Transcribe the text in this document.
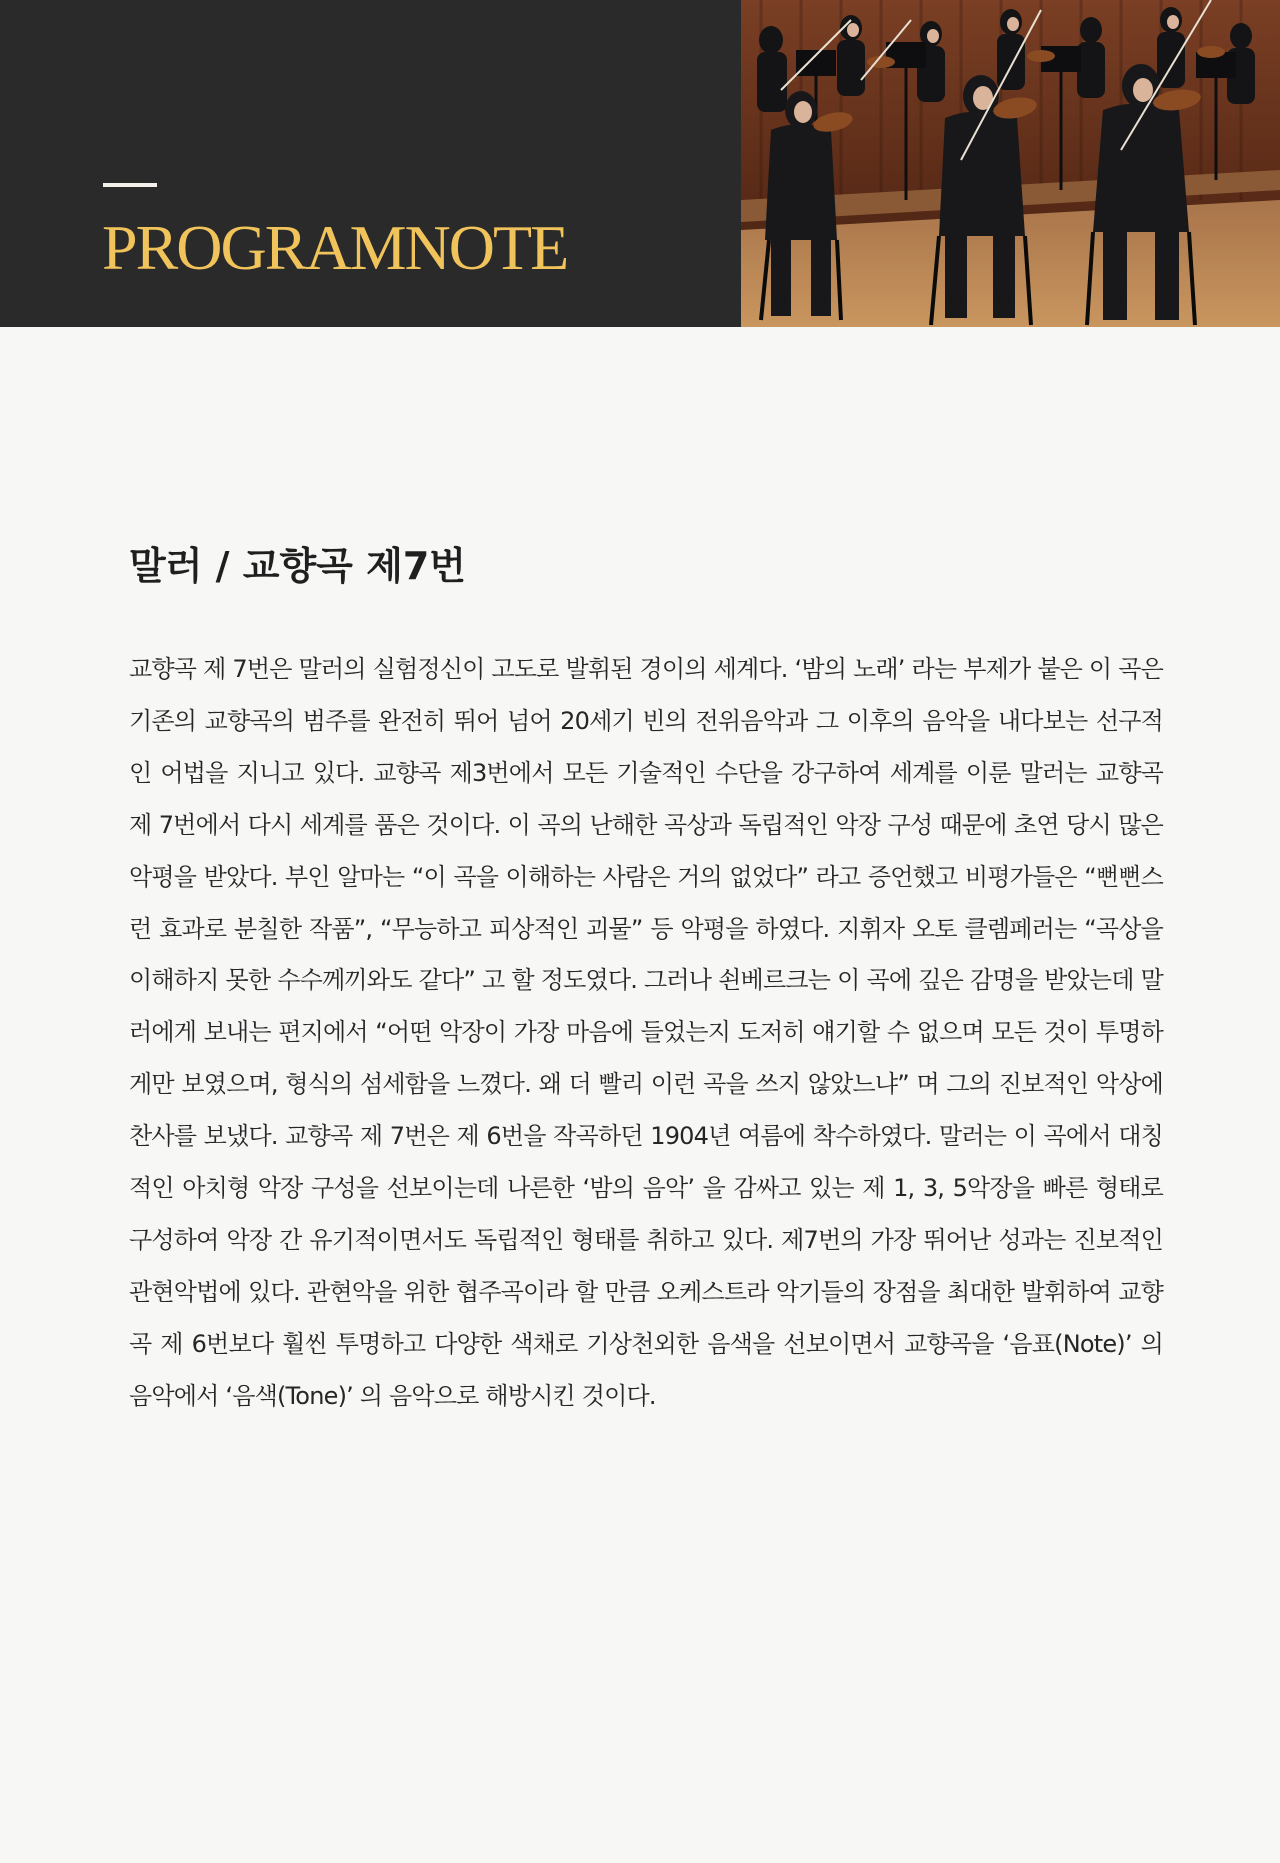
PROGRAMNOTE
말러 / 교향곡 제7번

교향곡 제 7번은 말러의 실험정신이 고도로 발휘된 경이의 세계다. ‘밤의 노래’ 라는 부제가 붙은 이 곡은 기존의 교향곡의 범주를 완전히 뛰어 넘어 20세기 빈의 전위음악과 그 이후의 음악을 내다보는 선구적인 어법을 지니고 있다. 교향곡 제3번에서 모든 기술적인 수단을 강구하여 세계를 이룬 말러는 교향곡 제 7번에서 다시 세계를 품은 것이다. 이 곡의 난해한 곡상과 독립적인 악장 구성 때문에 초연 당시 많은 악평을 받았다. 부인 알마는 “이 곡을 이해하는 사람은 거의 없었다” 라고 증언했고 비평가들은 “뻔뻔스런 효과로 분칠한 작품”, “무능하고 피상적인 괴물” 등 악평을 하였다. 지휘자 오토 클렘페러는 “곡상을 이해하지 못한 수수께끼와도 같다” 고 할 정도였다. 그러나 쇤베르크는 이 곡에 깊은 감명을 받았는데 말러에게 보내는 편지에서 “어떤 악장이 가장 마음에 들었는지 도저히 얘기할 수 없으며 모든 것이 투명하게만 보였으며, 형식의 섬세함을 느꼈다. 왜 더 빨리 이런 곡을 쓰지 않았느냐” 며 그의 진보적인 악상에 찬사를 보냈다. 교향곡 제 7번은 제 6번을 작곡하던 1904년 여름에 착수하였다. 말러는 이 곡에서 대칭적인 아치형 악장 구성을 선보이는데 나른한 ‘밤의 음악’ 을 감싸고 있는 제 1, 3, 5악장을 빠른 형태로 구성하여 악장 간 유기적이면서도 독립적인 형태를 취하고 있다. 제7번의 가장 뛰어난 성과는 진보적인 관현악법에 있다. 관현악을 위한 협주곡이라 할 만큼 오케스트라 악기들의 장점을 최대한 발휘하여 교향곡 제 6번보다 훨씬 투명하고 다양한 색채로 기상천외한 음색을 선보이면서 교향곡을 ‘음표(Note)’ 의 음악에서 ‘음색(Tone)’ 의 음악으로 해방시킨 것이다.
